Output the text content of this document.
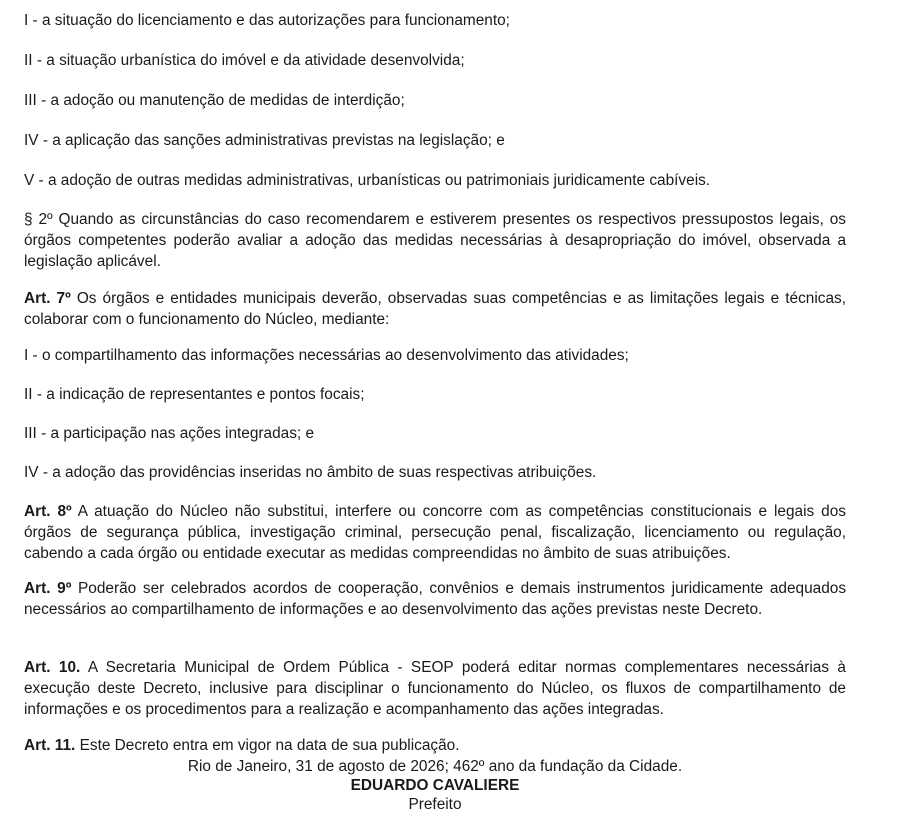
I - a situação do licenciamento e das autorizações para funcionamento;

II - a situação urbanística do imóvel e da atividade desenvolvida;

III - a adoção ou manutenção de medidas de interdição;

IV - a aplicação das sanções administrativas previstas na legislação; e

V - a adoção de outras medidas administrativas, urbanísticas ou patrimoniais juridicamente cabíveis.

§ 2º Quando as circunstâncias do caso recomendarem e estiverem presentes os respectivos pressupostos legais, os órgãos competentes poderão avaliar a adoção das medidas necessárias à desapropriação do imóvel, observada a legislação aplicável.

Art. 7º Os órgãos e entidades municipais deverão, observadas suas competências e as limitações legais e técnicas, colaborar com o funcionamento do Núcleo, mediante:

I - o compartilhamento das informações necessárias ao desenvolvimento das atividades;

II - a indicação de representantes e pontos focais;

III - a participação nas ações integradas; e

IV - a adoção das providências inseridas no âmbito de suas respectivas atribuições.

Art. 8º A atuação do Núcleo não substitui, interfere ou concorre com as competências constitucionais e legais dos órgãos de segurança pública, investigação criminal, persecução penal, fiscalização, licenciamento ou regulação, cabendo a cada órgão ou entidade executar as medidas compreendidas no âmbito de suas atribuições.

Art. 9º Poderão ser celebrados acordos de cooperação, convênios e demais instrumentos juridicamente adequados necessários ao compartilhamento de informações e ao desenvolvimento das ações previstas neste Decreto.

Art. 10. A Secretaria Municipal de Ordem Pública - SEOP poderá editar normas complementares necessárias à execução deste Decreto, inclusive para disciplinar o funcionamento do Núcleo, os fluxos de compartilhamento de informações e os procedimentos para a realização e acompanhamento das ações integradas.

Art. 11. Este Decreto entra em vigor na data de sua publicação.

Rio de Janeiro, 31 de agosto de 2026; 462º ano da fundação da Cidade.

EDUARDO CAVALIERE

Prefeito
